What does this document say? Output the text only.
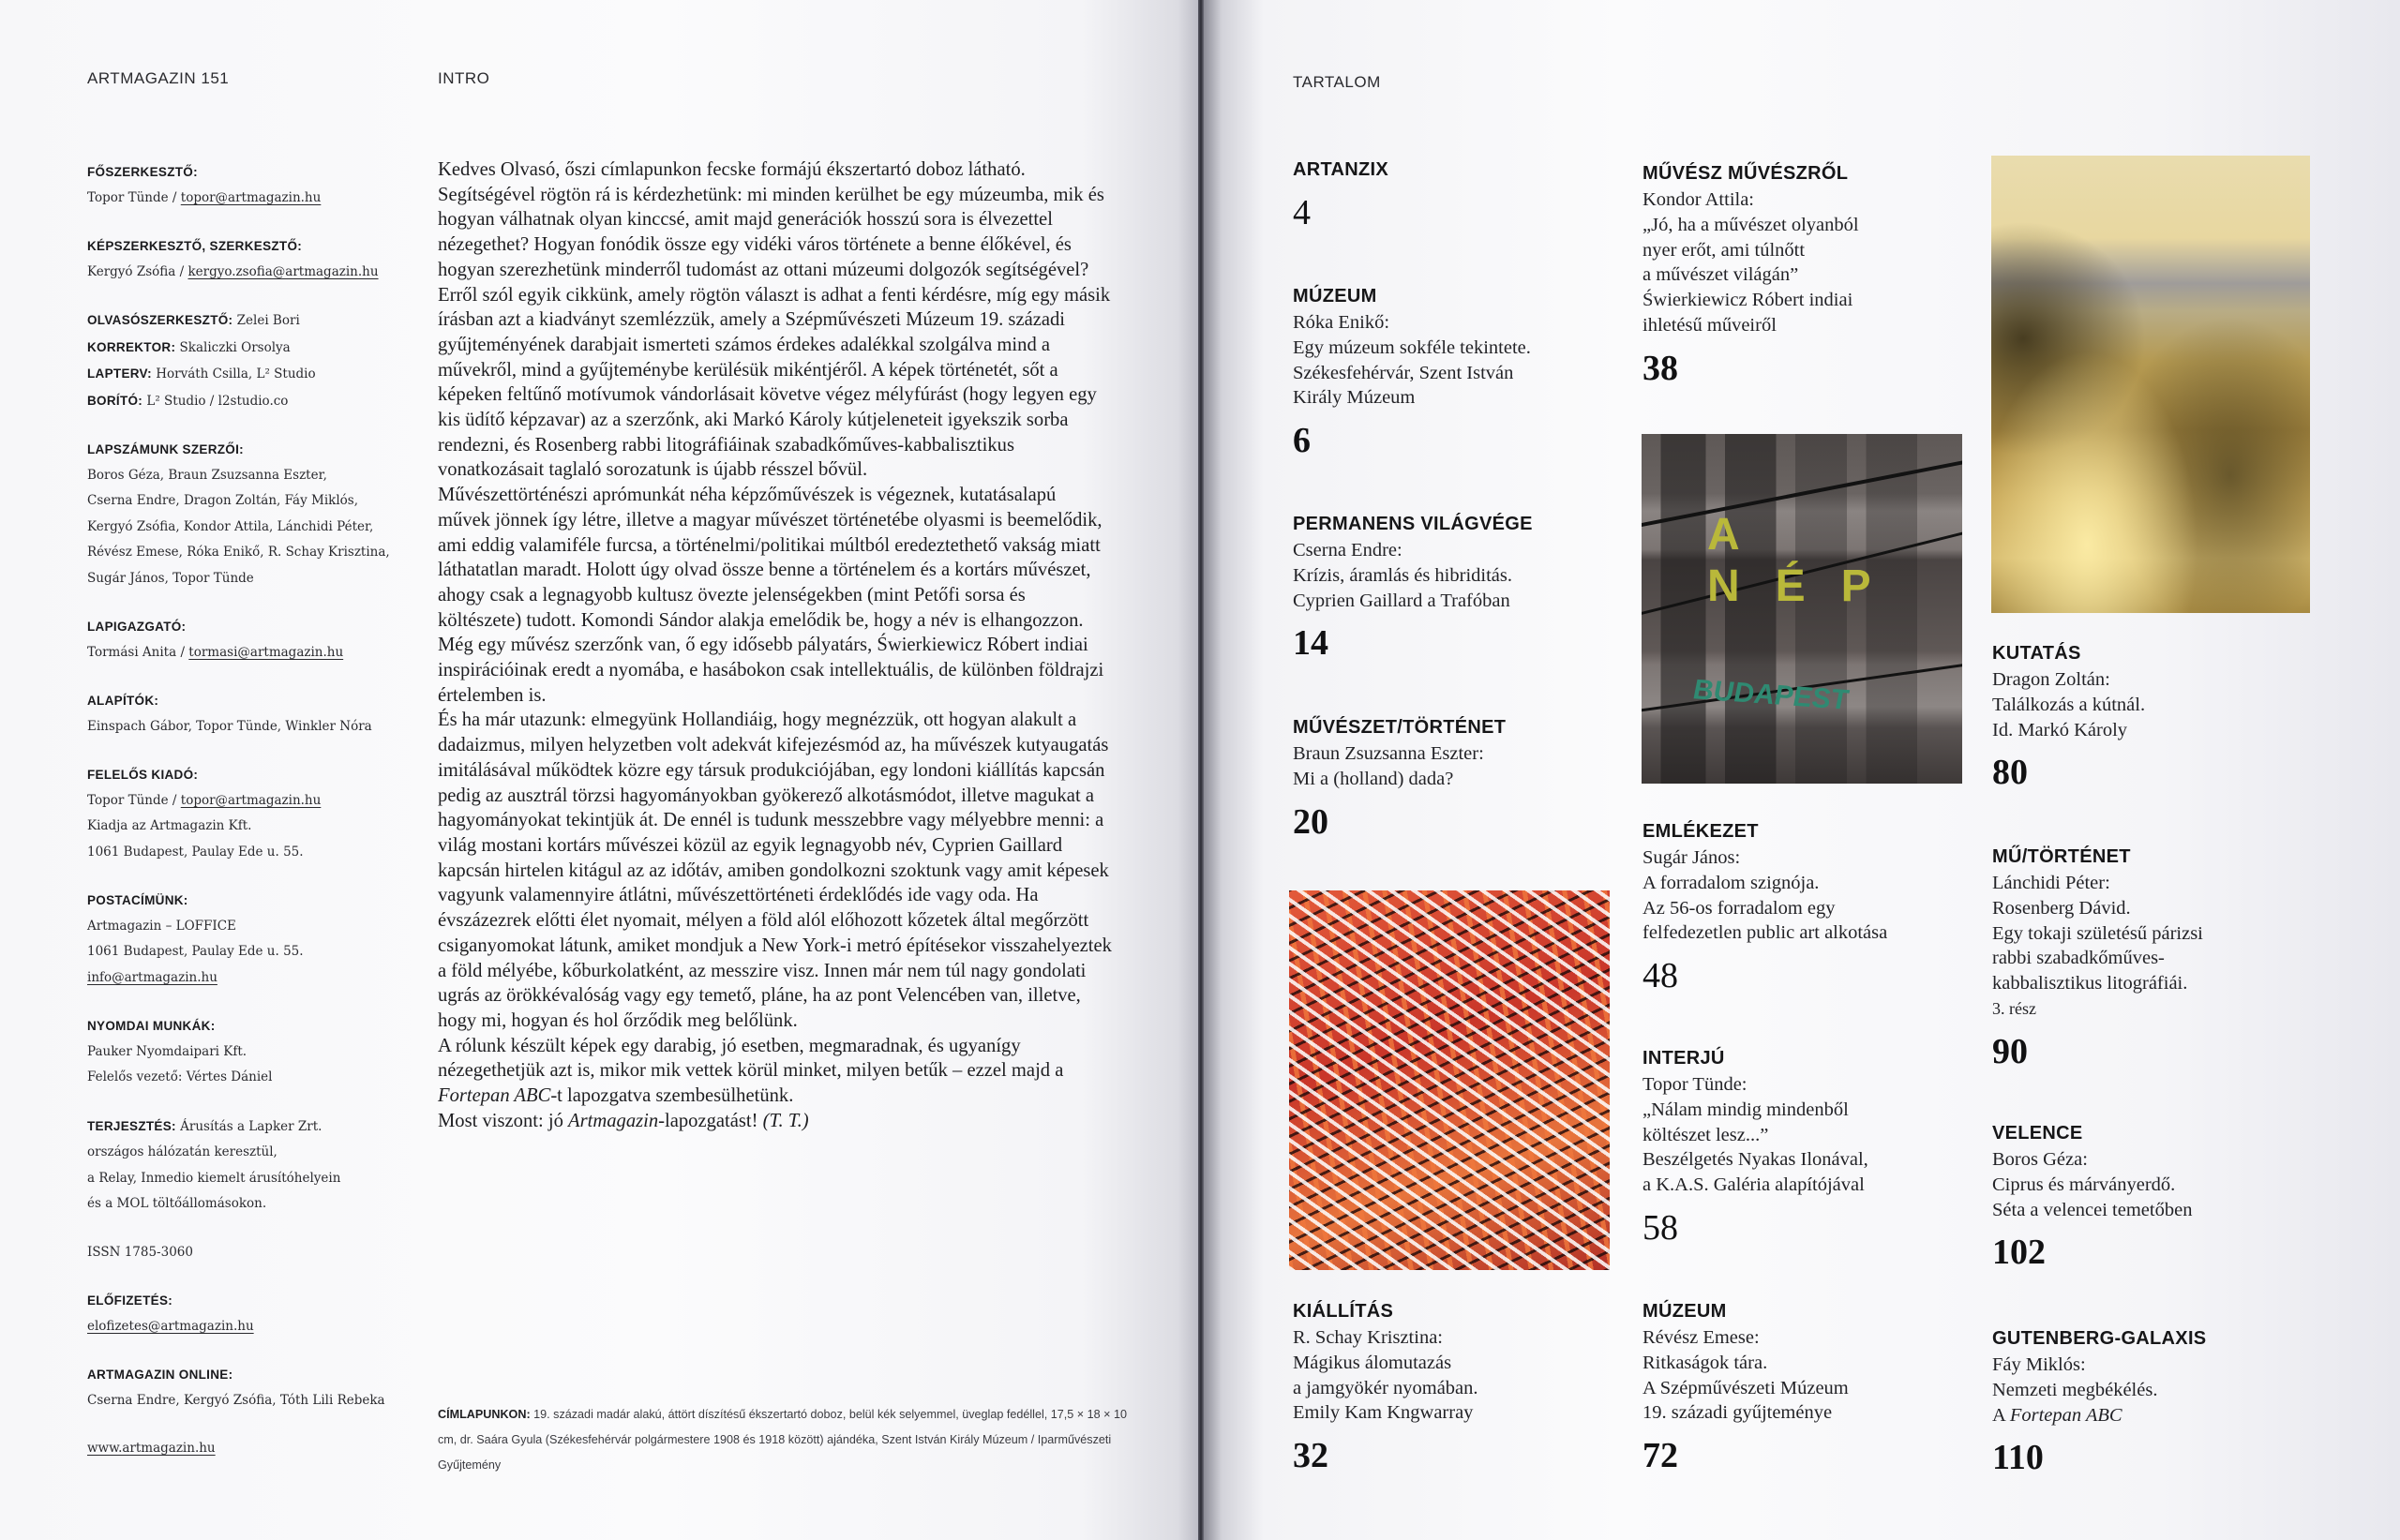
ARTMAGAZIN 151	INTRO
FŐSZERKESZTŐ:
Topor Tünde / topor@artmagazin.hu
KÉPSZERKESZTŐ, SZERKESZTŐ:
Kergyó Zsófia / kergyo.zsofia@artmagazin.hu
OLVASÓSZERKESZTŐ: Zelei Bori
KORREKTOR: Skaliczki Orsolya
LAPTERV: Horváth Csilla, L² Studio
BORÍTÓ: L² Studio / l2studio.co
LAPSZÁMUNK SZERZŐI:
Boros Géza, Braun Zsuzsanna Eszter,
Cserna Endre, Dragon Zoltán, Fáy Miklós,
Kergyó Zsófia, Kondor Attila, Lánchidi Péter,
Révész Emese, Róka Enikő, R. Schay Krisztina,
Sugár János, Topor Tünde
LAPIGAZGATÓ:
Tormási Anita / tormasi@artmagazin.hu
ALAPÍTÓK:
Einspach Gábor, Topor Tünde, Winkler Nóra
FELELŐS KIADÓ:
Topor Tünde / topor@artmagazin.hu
Kiadja az Artmagazin Kft.
1061 Budapest, Paulay Ede u. 55.
POSTACÍMÜNK:
Artmagazin – LOFFICE
1061 Budapest, Paulay Ede u. 55.
info@artmagazin.hu
NYOMDAI MUNKÁK:
Pauker Nyomdaipari Kft.
Felelős vezető: Vértes Dániel
TERJESZTÉS: Árusítás a Lapker Zrt.
országos hálózatán keresztül,
a Relay, Inmedio kiemelt árusítóhelyein
és a MOL töltőállomásokon.
ISSN 1785-3060
ELŐFIZETÉS:
elofizetes@artmagazin.hu
ARTMAGAZIN ONLINE:
Cserna Endre, Kergyó Zsófia, Tóth Lili Rebeka
www.artmagazin.hu

Kedves Olvasó, őszi címlapunkon fecske formájú ékszertartó doboz látható. Segítségével rögtön rá is kérdezhetünk: mi minden kerülhet be egy múzeumba, mik és hogyan válhatnak olyan kinccsé, amit majd generációk hosszú sora is élvezettel nézegethet? Hogyan fonódik össze egy vidéki város története a benne élőkével, és hogyan szerezhetünk minderről tudomást az ottani múzeumi dolgozók segítségével? Erről szól egyik cikkünk, amely rögtön választ is adhat a fenti kérdésre, míg egy másik írásban azt a kiadványt szemlézzük, amely a Szépművészeti Múzeum 19. századi gyűjteményének darabjait ismerteti számos érdekes adalékkal szolgálva mind a művekről, mind a gyűjteménybe kerülésük mikéntjéről. A képek történetét, sőt a képeken feltűnő motívumok vándorlásait követve végez mélyfúrást (hogy legyen egy kis üdítő képzavar) az a szerzőnk, aki Markó Károly kútjeleneteit igyekszik sorba rendezni, és Rosenberg rabbi litográfiáinak szabadkőműves-kabbalisztikus vonatkozásait taglaló sorozatunk is újabb résszel bővül.

Művészettörténészi aprómunkát néha képzőművészek is végeznek, kutatásalapú művek jönnek így létre, illetve a magyar művészet történetébe olyasmi is beemelődik, ami eddig valamiféle furcsa, a történelmi/politikai múltból eredeztethető vakság miatt láthatatlan maradt. Holott úgy olvad össze benne a történelem és a kortárs művészet, ahogy csak a legnagyobb kultusz övezte jelenségekben (mint Petőfi sorsa és költészete) tudott. Komondi Sándor alakja emelődik be, hogy a név is elhangozzon.

Még egy művész szerzőnk van, ő egy idősebb pályatárs, Świerkiewicz Róbert indiai inspirációinak eredt a nyomába, e hasábokon csak intellektuális, de különben földrajzi értelemben is.

És ha már utazunk: elmegyünk Hollandiáig, hogy megnézzük, ott hogyan alakult a dadaizmus, milyen helyzetben volt adekvát kifejezésmód az, ha művészek kutyaugatás imitálásával működtek közre egy társuk produkciójában, egy londoni kiállítás kapcsán pedig az ausztrál törzsi hagyományokban gyökerező alkotásmódot, illetve magukat a hagyományokat tekintjük át. De ennél is tudunk messzebbre vagy mélyebbre menni: a világ mostani kortárs művészei közül az egyik legnagyobb név, Cyprien Gaillard kapcsán hirtelen kitágul az az időtáv, amiben gondolkozni szoktunk vagy amit képesek vagyunk valamennyire átlátni, művészettörténeti érdeklődés ide vagy oda. Ha évszázezrek előtti élet nyomait, mélyen a föld alól előhozott kőzetek által megőrzött csiganyomokat látunk, amiket mondjuk a New York-i metró építésekor visszahelyeztek a föld mélyébe, kőburkolatként, az messzire visz. Innen már nem túl nagy gondolati ugrás az örökkévalóság vagy egy temető, pláne, ha az pont Velencében van, illetve, hogy mi, hogyan és hol őrződik meg belőlünk.

A rólunk készült képek egy darabig, jó esetben, megmaradnak, és ugyanígy nézegethetjük azt is, mikor mik vettek körül minket, milyen betűk – ezzel majd a Fortepan ABC-t lapozgatva szembesülhetünk.
Most viszont: jó Artmagazin-lapozgatást! (T. T.)

CÍMLAPUNKON: 19. századi madár alakú, áttört díszítésű ékszertartó doboz, belül kék selyemmel, üveglap fedéllel, 17,5 × 18 × 10 cm, dr. Saára Gyula (Székesfehérvár polgármestere 1908 és 1918 között) ajándéka, Szent István Király Múzeum / Iparművészeti Gyűjtemény
TARTALOM
ARTANZIX
4
MÚZEUM
Róka Enikő:
Egy múzeum sokféle tekintete.
Székesfehérvár, Szent István
Király Múzeum
6
PERMANENS VILÁGVÉGE
Cserna Endre:
Krízis, áramlás és hibriditás.
Cyprien Gaillard a Trafóban
14
MŰVÉSZET/TÖRTÉNET
Braun Zsuzsanna Eszter:
Mi a (holland) dada?
20
KIÁLLÍTÁS
R. Schay Krisztina:
Mágikus álomutazás
a jamgyökér nyomában.
Emily Kam Kngwarray
32
MŰVÉSZ MŰVÉSZRŐL
Kondor Attila:
„Jó, ha a művészet olyanból
nyer erőt, ami túlnőtt
a művészet világán”
Świerkiewicz Róbert indiai
ihletésű műveiről
38
A NÉP
BUDAPEST
EMLÉKEZET
Sugár János:
A forradalom szignója.
Az 56-os forradalom egy
felfedezetlen public art alkotása
48
INTERJÚ
Topor Tünde:
„Nálam mindig mindenből
költészet lesz...”
Beszélgetés Nyakas Ilonával,
a K.A.S. Galéria alapítójával
58
MÚZEUM
Révész Emese:
Ritkaságok tára.
A Szépművészeti Múzeum
19. századi gyűjteménye
72
KUTATÁS
Dragon Zoltán:
Találkozás a kútnál.
Id. Markó Károly
80
MŰ/TÖRTÉNET
Lánchidi Péter:
Rosenberg Dávid.
Egy tokaji születésű párizsi
rabbi szabadkőműves-
kabbalisztikus litográfiái.
3. rész
90
VELENCE
Boros Géza:
Ciprus és márványerdő.
Séta a velencei temetőben
102
GUTENBERG-GALAXIS
Fáy Miklós:
Nemzeti megbékélés.
A Fortepan ABC
110
